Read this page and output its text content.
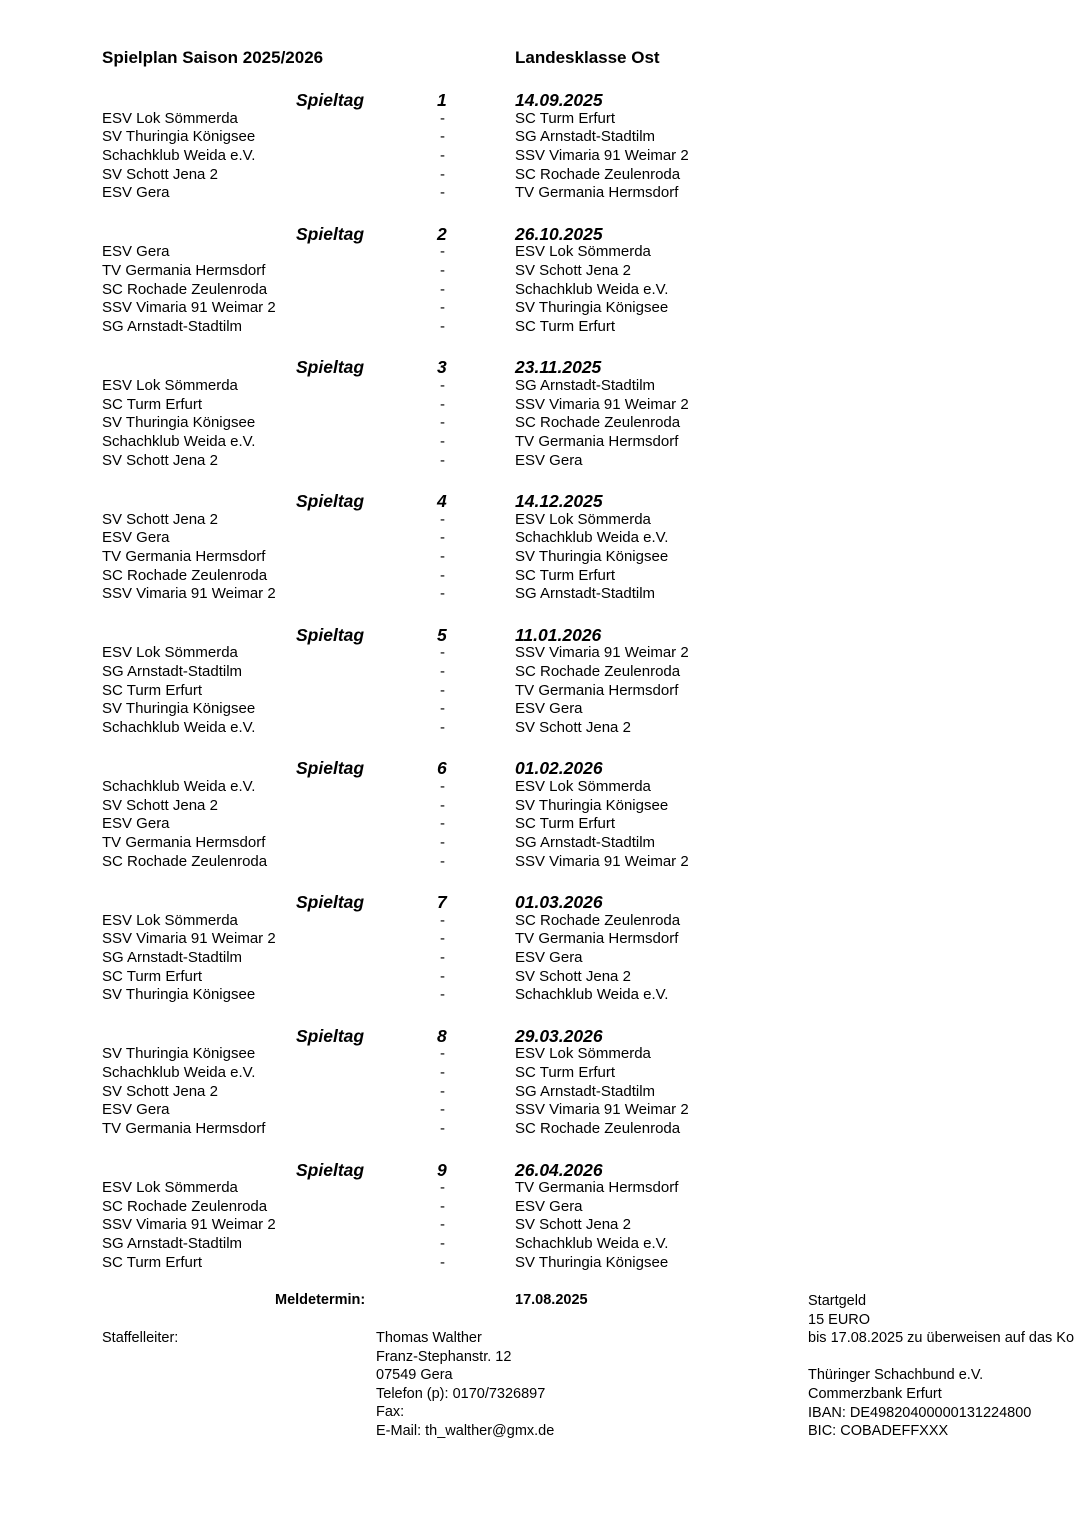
Spielplan Saison 2025/2026	Landesklasse Ost
Spieltag	1	14.09.2025
ESV Lok Sömmerda	-	SC Turm Erfurt
SV Thuringia Königsee	-	SG Arnstadt-Stadtilm
Schachklub Weida e.V.	-	SSV Vimaria 91 Weimar 2
SV Schott Jena 2	-	SC Rochade Zeulenroda
ESV Gera	-	TV Germania Hermsdorf
Spieltag	2	26.10.2025
ESV Gera	-	ESV Lok Sömmerda
TV Germania Hermsdorf	-	SV Schott Jena 2
SC Rochade Zeulenroda	-	Schachklub Weida e.V.
SSV Vimaria 91 Weimar 2	-	SV Thuringia Königsee
SG Arnstadt-Stadtilm	-	SC Turm Erfurt
Spieltag	3	23.11.2025
ESV Lok Sömmerda	-	SG Arnstadt-Stadtilm
SC Turm Erfurt	-	SSV Vimaria 91 Weimar 2
SV Thuringia Königsee	-	SC Rochade Zeulenroda
Schachklub Weida e.V.	-	TV Germania Hermsdorf
SV Schott Jena 2	-	ESV Gera
Spieltag	4	14.12.2025
SV Schott Jena 2	-	ESV Lok Sömmerda
ESV Gera	-	Schachklub Weida e.V.
TV Germania Hermsdorf	-	SV Thuringia Königsee
SC Rochade Zeulenroda	-	SC Turm Erfurt
SSV Vimaria 91 Weimar 2	-	SG Arnstadt-Stadtilm
Spieltag	5	11.01.2026
ESV Lok Sömmerda	-	SSV Vimaria 91 Weimar 2
SG Arnstadt-Stadtilm	-	SC Rochade Zeulenroda
SC Turm Erfurt	-	TV Germania Hermsdorf
SV Thuringia Königsee	-	ESV Gera
Schachklub Weida e.V.	-	SV Schott Jena 2
Spieltag	6	01.02.2026
Schachklub Weida e.V.	-	ESV Lok Sömmerda
SV Schott Jena 2	-	SV Thuringia Königsee
ESV Gera	-	SC Turm Erfurt
TV Germania Hermsdorf	-	SG Arnstadt-Stadtilm
SC Rochade Zeulenroda	-	SSV Vimaria 91 Weimar 2
Spieltag	7	01.03.2026
ESV Lok Sömmerda	-	SC Rochade Zeulenroda
SSV Vimaria 91 Weimar 2	-	TV Germania Hermsdorf
SG Arnstadt-Stadtilm	-	ESV Gera
SC Turm Erfurt	-	SV Schott Jena 2
SV Thuringia Königsee	-	Schachklub Weida e.V.
Spieltag	8	29.03.2026
SV Thuringia Königsee	-	ESV Lok Sömmerda
Schachklub Weida e.V.	-	SC Turm Erfurt
SV Schott Jena 2	-	SG Arnstadt-Stadtilm
ESV Gera	-	SSV Vimaria 91 Weimar 2
TV Germania Hermsdorf	-	SC Rochade Zeulenroda
Spieltag	9	26.04.2026
ESV Lok Sömmerda	-	TV Germania Hermsdorf
SC Rochade Zeulenroda	-	ESV Gera
SSV Vimaria 91 Weimar 2	-	SV Schott Jena 2
SG Arnstadt-Stadtilm	-	Schachklub Weida e.V.
SC Turm Erfurt	-	SV Thuringia Königsee
Meldetermin:	17.08.2025
Staffelleiter:	Thomas Walther
Franz-Stephanstr. 12
07549 Gera
Telefon (p): 0170/7326897
Fax:
E-Mail: th_walther@gmx.de
Startgeld
15 EURO
bis 17.08.2025 zu überweisen auf das Ko
Thüringer Schachbund e.V.
Commerzbank Erfurt
IBAN: DE49820400000131224800
BIC: COBADEFFXXX
